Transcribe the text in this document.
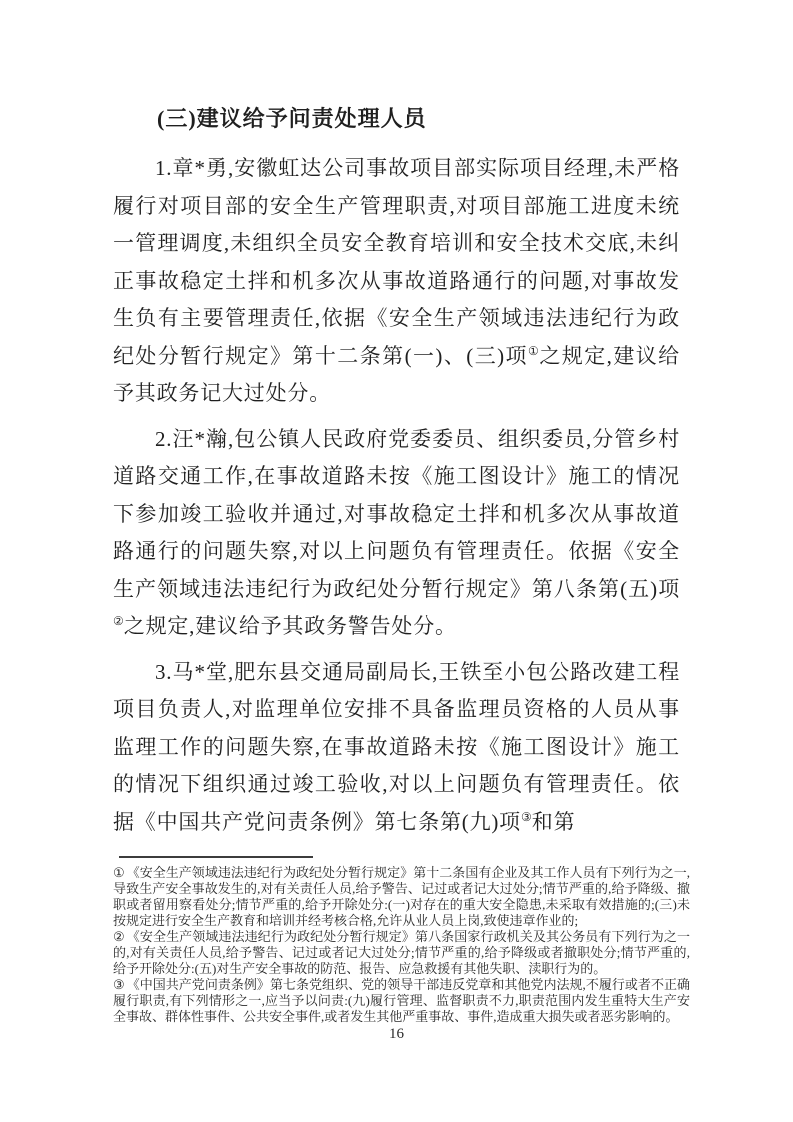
(三)建议给予问责处理人员

1.章*勇,安徽虹达公司事故项目部实际项目经理,未严格履行对项目部的安全生产管理职责,对项目部施工进度未统一管理调度,未组织全员安全教育培训和安全技术交底,未纠正事故稳定土拌和机多次从事故道路通行的问题,对事故发生负有主要管理责任,依据《安全生产领域违法违纪行为政纪处分暂行规定》第十二条第(一)、(三)项①之规定,建议给予其政务记大过处分。

2.汪*瀚,包公镇人民政府党委委员、组织委员,分管乡村道路交通工作,在事故道路未按《施工图设计》施工的情况下参加竣工验收并通过,对事故稳定土拌和机多次从事故道路通行的问题失察,对以上问题负有管理责任。依据《安全生产领域违法违纪行为政纪处分暂行规定》第八条第(五)项②之规定,建议给予其政务警告处分。

3.马*堂,肥东县交通局副局长,王铁至小包公路改建工程项目负责人,对监理单位安排不具备监理员资格的人员从事监理工作的问题失察,在事故道路未按《施工图设计》施工的情况下组织通过竣工验收,对以上问题负有管理责任。依据《中国共产党问责条例》第七条第(九)项③和第

① 《安全生产领域违法违纪行为政纪处分暂行规定》第十二条国有企业及其工作人员有下列行为之一,导致生产安全事故发生的,对有关责任人员,给予警告、记过或者记大过处分;情节严重的,给予降级、撤职或者留用察看处分;情节严重的,给予开除处分:(一)对存在的重大安全隐患,未采取有效措施的;(三)未按规定进行安全生产教育和培训并经考核合格,允许从业人员上岗,致使违章作业的;

② 《安全生产领域违法违纪行为政纪处分暂行规定》第八条国家行政机关及其公务员有下列行为之一的,对有关责任人员,给予警告、记过或者记大过处分;情节严重的,给予降级或者撤职处分;情节严重的,给予开除处分:(五)对生产安全事故的防范、报告、应急救援有其他失职、渎职行为的。

③ 《中国共产党问责条例》第七条党组织、党的领导干部违反党章和其他党内法规,不履行或者不正确履行职责,有下列情形之一,应当予以问责:(九)履行管理、监督职责不力,职责范围内发生重特大生产安全事故、群体性事件、公共安全事件,或者发生其他严重事故、事件,造成重大损失或者恶劣影响的。

16
